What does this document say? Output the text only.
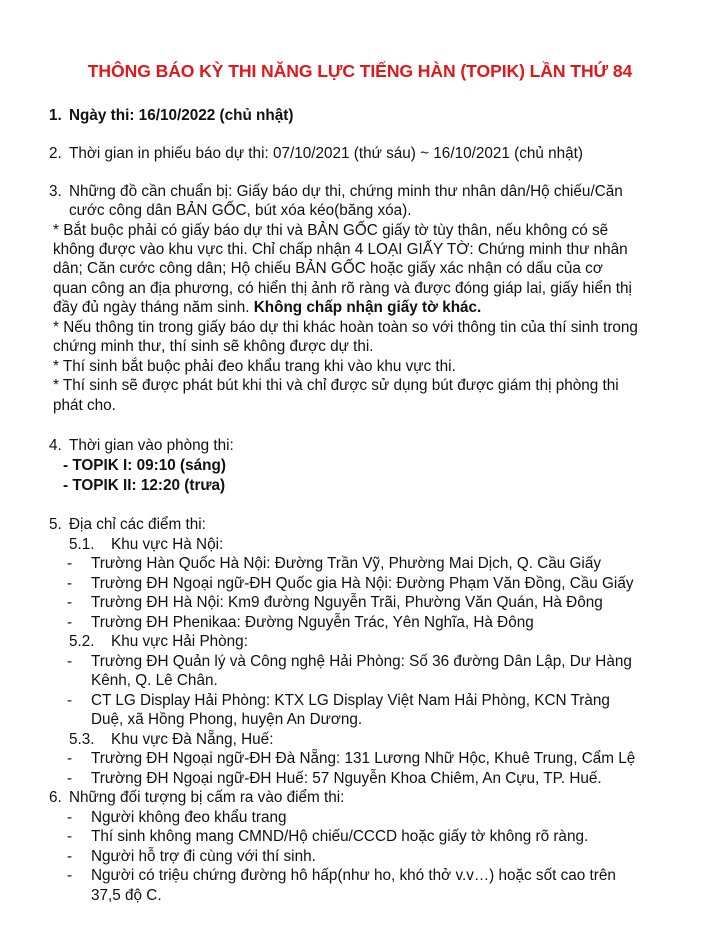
THÔNG BÁO KỲ THI NĂNG LỰC TIẾNG HÀN (TOPIK) LẦN THỨ 84
1. Ngày thi: 16/10/2022 (chủ nhật)
2. Thời gian in phiếu báo dự thi: 07/10/2021 (thứ sáu) ~ 16/10/2021 (chủ nhật)
3. Những đồ cần chuẩn bị: Giấy báo dự thi, chứng minh thư nhân dân/Hộ chiếu/Căn
cước công dân BẢN GỐC, bút xóa kéo(băng xóa).
* Bắt buộc phải có giấy báo dự thi và BẢN GỐC giấy tờ tùy thân, nếu không có sẽ
không được vào khu vực thi. Chỉ chấp nhận 4 LOẠI GIẤY TỜ: Chứng minh thư nhân
dân; Căn cước công dân; Hộ chiếu BẢN GỐC hoặc giấy xác nhận có dấu của cơ
quan công an địa phương, có hiển thị ảnh rõ ràng và được đóng giáp lai, giấy hiển thị
đầy đủ ngày tháng năm sinh. Không chấp nhận giấy tờ khác.
* Nếu thông tin trong giấy báo dự thi khác hoàn toàn so với thông tin của thí sinh trong
chứng minh thư, thí sinh sẽ không được dự thi.
* Thí sinh bắt buộc phải đeo khẩu trang khi vào khu vực thi.
* Thí sinh sẽ được phát bút khi thi và chỉ được sử dụng bút được giám thị phòng thi
phát cho.
4. Thời gian vào phòng thi:
- TOPIK I: 09:10 (sáng)
- TOPIK II: 12:20 (trưa)
5. Địa chỉ các điểm thi:
5.1. Khu vực Hà Nội:
- Trường Hàn Quốc Hà Nội: Đường Trần Vỹ, Phường Mai Dịch, Q. Cầu Giấy
- Trường ĐH Ngoại ngữ-ĐH Quốc gia Hà Nội: Đường Phạm Văn Đồng, Cầu Giấy
- Trường ĐH Hà Nội: Km9 đường Nguyễn Trãi, Phường Văn Quán, Hà Đông
- Trường ĐH Phenikaa: Đường Nguyễn Trác, Yên Nghĩa, Hà Đông
5.2. Khu vực Hải Phòng:
- Trường ĐH Quản lý và Công nghệ Hải Phòng: Số 36 đường Dân Lập, Dư Hàng
Kênh, Q. Lê Chân.
- CT LG Display Hải Phòng: KTX LG Display Việt Nam Hải Phòng, KCN Tràng
Duệ, xã Hồng Phong, huyện An Dương.
5.3. Khu vực Đà Nẵng, Huế:
- Trường ĐH Ngoại ngữ-ĐH Đà Nẵng: 131 Lương Nhữ Hộc, Khuê Trung, Cẩm Lệ
- Trường ĐH Ngoại ngữ-ĐH Huế: 57 Nguyễn Khoa Chiêm, An Cựu, TP. Huế.
6. Những đối tượng bị cấm ra vào điểm thi:
- Người không đeo khẩu trang
- Thí sinh không mang CMND/Hộ chiếu/CCCD hoặc giấy tờ không rõ ràng.
- Người hỗ trợ đi cùng với thí sinh.
- Người có triệu chứng đường hô hấp(như ho, khó thở v.v…) hoặc sốt cao trên
37,5 độ C.
